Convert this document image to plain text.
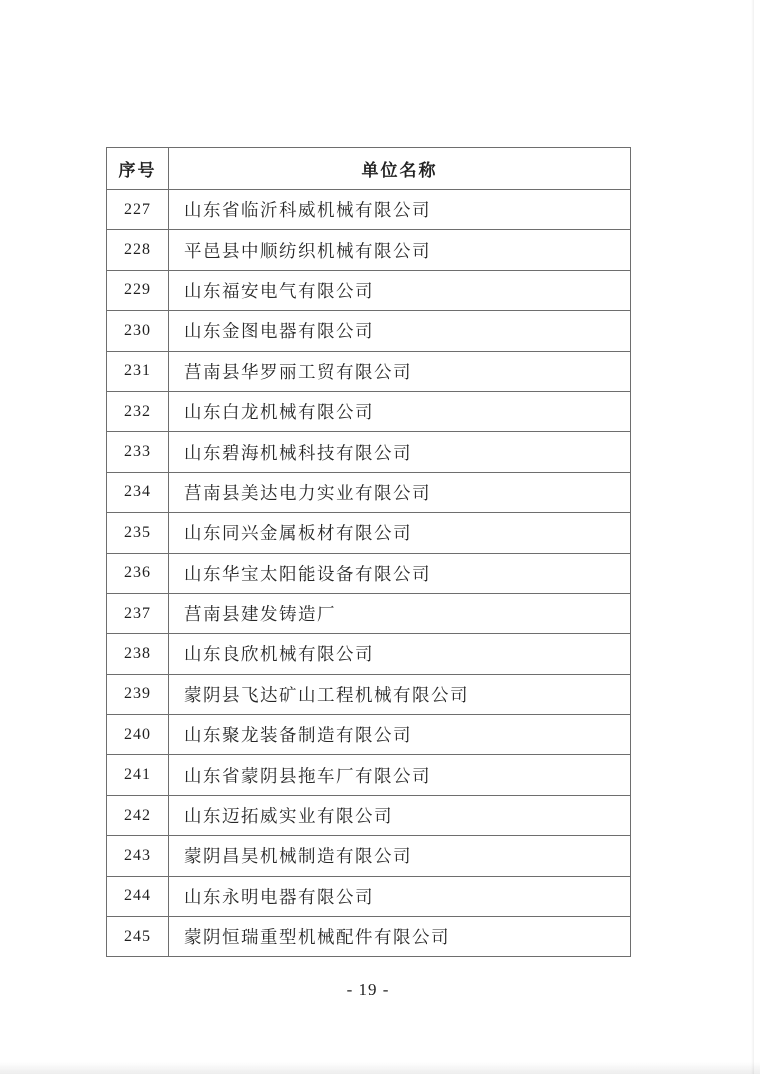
序号	单位名称
227	山东省临沂科威机械有限公司
228	平邑县中顺纺织机械有限公司
229	山东福安电气有限公司
230	山东金图电器有限公司
231	莒南县华罗丽工贸有限公司
232	山东白龙机械有限公司
233	山东碧海机械科技有限公司
234	莒南县美达电力实业有限公司
235	山东同兴金属板材有限公司
236	山东华宝太阳能设备有限公司
237	莒南县建发铸造厂
238	山东良欣机械有限公司
239	蒙阴县飞达矿山工程机械有限公司
240	山东聚龙装备制造有限公司
241	山东省蒙阴县拖车厂有限公司
242	山东迈拓威实业有限公司
243	蒙阴昌昊机械制造有限公司
244	山东永明电器有限公司
245	蒙阴恒瑞重型机械配件有限公司
- 19 -
